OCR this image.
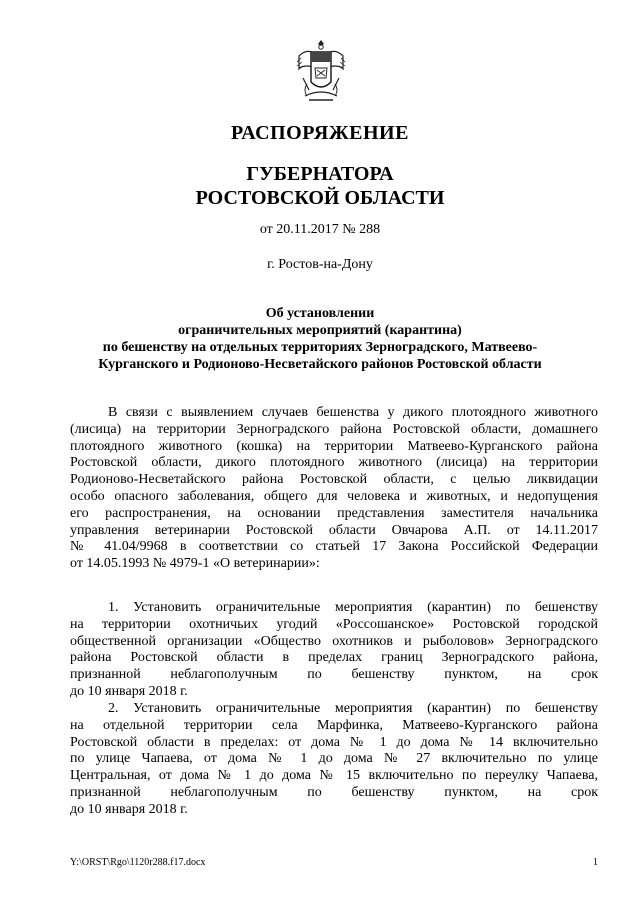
РАСПОРЯЖЕНИЕ
ГУБЕРНАТОРА
РОСТОВСКОЙ ОБЛАСТИ
от 20.11.2017 № 288
г. Ростов-на-Дону
Об установлении
ограничительных мероприятий (карантина)
по бешенству на отдельных территориях Зерноградского, Матвеево-
Курганского и Родионово-Несветайского районов Ростовской области
В связи с выявлением случаев бешенства у дикого плотоядного животного
(лисица) на территории Зерноградского района Ростовской области, домашнего
плотоядного животного (кошка) на территории Матвеево-Курганского района
Ростовской области, дикого плотоядного животного (лисица) на территории
Родионово-Несветайского района Ростовской области, с целью ликвидации
особо опасного заболевания, общего для человека и животных, и недопущения
его распространения, на основании представления заместителя начальника
управления ветеринарии Ростовской области Овчарова А.П. от 14.11.2017
№ 41.04/9968 в соответствии со статьей 17 Закона Российской Федерации
от 14.05.1993 № 4979-1 «О ветеринарии»:
1. Установить ограничительные мероприятия (карантин) по бешенству
на территории охотничьих угодий «Россошанское» Ростовской городской
общественной организации «Общество охотников и рыболовов» Зерноградского
района Ростовской области в пределах границ Зерноградского района,
признанной неблагополучным по бешенству пунктом, на срок
до 10 января 2018 г.
2. Установить ограничительные мероприятия (карантин) по бешенству
на отдельной территории села Марфинка, Матвеево-Курганского района
Ростовской области в пределах: от дома № 1 до дома № 14 включительно
по улице Чапаева, от дома № 1 до дома № 27 включительно по улице
Центральная, от дома № 1 до дома № 15 включительно по переулку Чапаева,
признанной неблагополучным по бешенству пунктом, на срок
до 10 января 2018 г.
Y:\ORST\Rgo\1120r288.f17.docx	1
